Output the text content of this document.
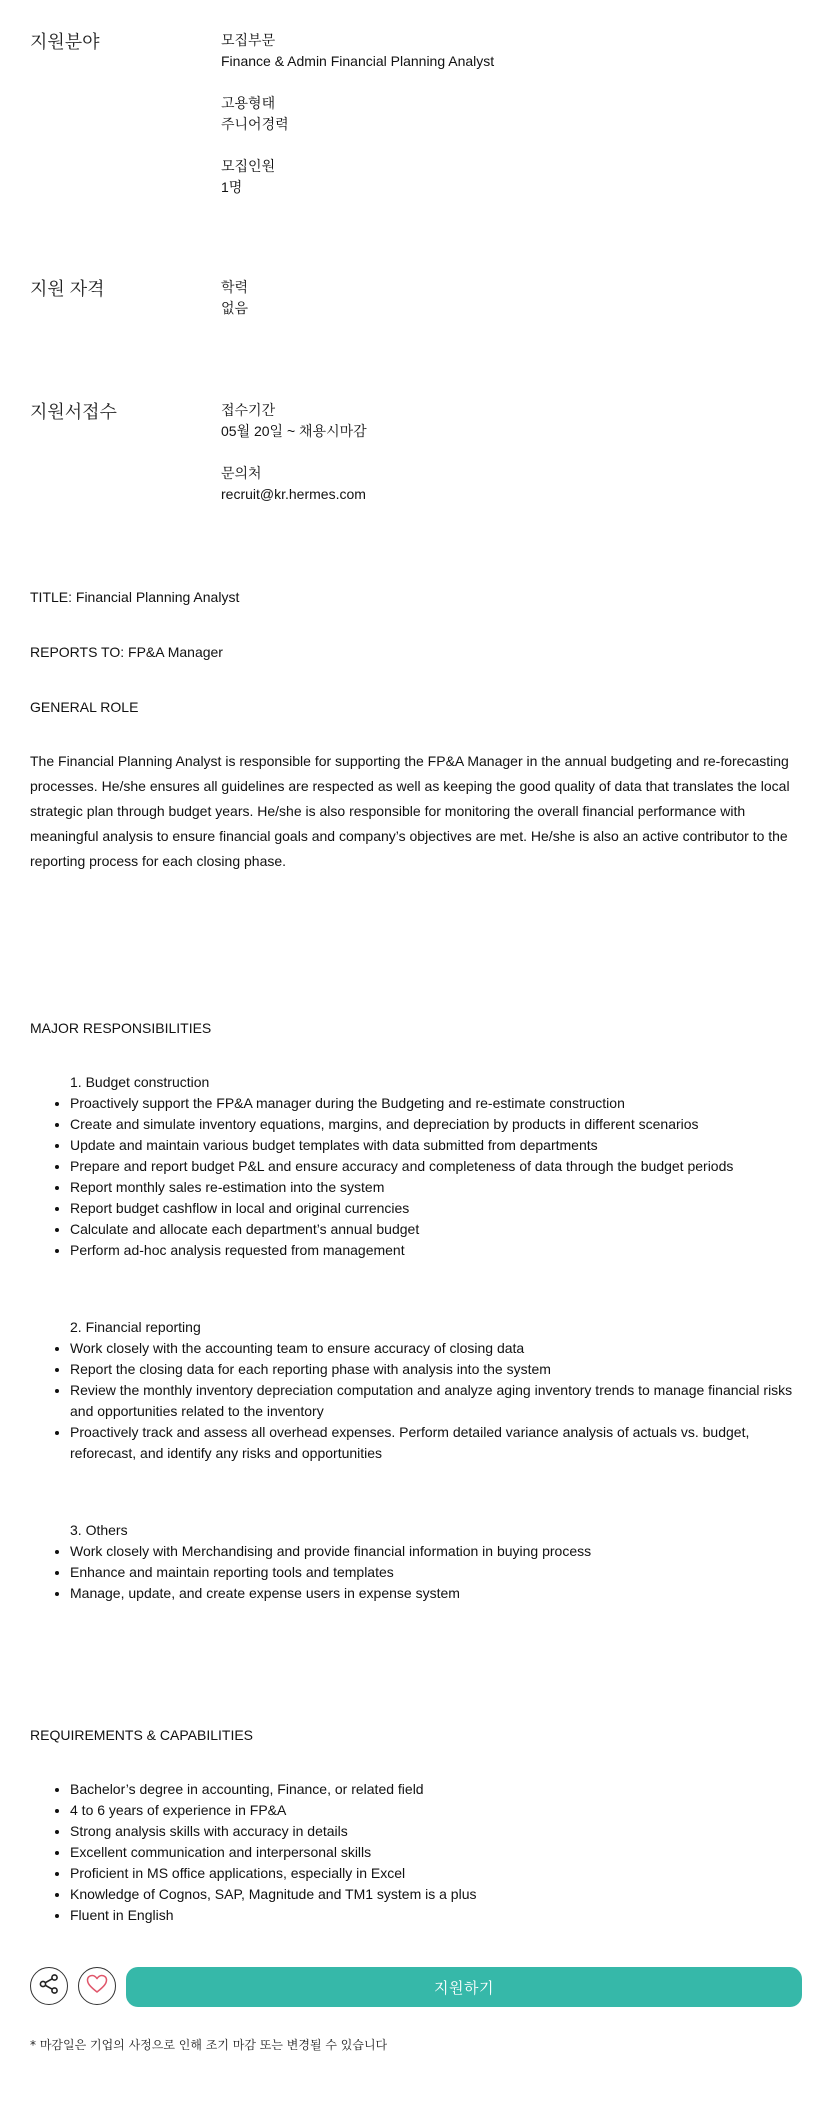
지원분야	모집부문
Finance & Admin Financial Planning Analyst
고용형태
주니어경력
모집인원
1명
지원 자격	학력
없음
지원서접수	접수기간
05월 20일 ~ 채용시마감
문의처
recruit@kr.hermes.com

TITLE: Financial Planning Analyst

REPORTS TO: FP&A Manager

GENERAL ROLE

The Financial Planning Analyst is responsible for supporting the FP&A Manager in the annual budgeting and re-forecasting processes. He/she ensures all guidelines are respected as well as keeping the good quality of data that translates the local strategic plan through budget years. He/she is also responsible for monitoring the overall financial performance with meaningful analysis to ensure financial goals and company’s objectives are met. He/she is also an active contributor to the reporting process for each closing phase.

MAJOR RESPONSIBILITIES

1. Budget construction
• Proactively support the FP&A manager during the Budgeting and re-estimate construction
• Create and simulate inventory equations, margins, and depreciation by products in different scenarios
• Update and maintain various budget templates with data submitted from departments
• Prepare and report budget P&L and ensure accuracy and completeness of data through the budget periods
• Report monthly sales re-estimation into the system
• Report budget cashflow in local and original currencies
• Calculate and allocate each department’s annual budget
• Perform ad-hoc analysis requested from management
2. Financial reporting
• Work closely with the accounting team to ensure accuracy of closing data
• Report the closing data for each reporting phase with analysis into the system
• Review the monthly inventory depreciation computation and analyze aging inventory trends to manage financial risks and opportunities related to the inventory
• Proactively track and assess all overhead expenses. Perform detailed variance analysis of actuals vs. budget, reforecast, and identify any risks and opportunities
3. Others
• Work closely with Merchandising and provide financial information in buying process
• Enhance and maintain reporting tools and templates
• Manage, update, and create expense users in expense system

REQUIREMENTS & CAPABILITIES

• Bachelor’s degree in accounting, Finance, or related field
• 4 to 6 years of experience in FP&A
• Strong analysis skills with accuracy in details
• Excellent communication and interpersonal skills
• Proficient in MS office applications, especially in Excel
• Knowledge of Cognos, SAP, Magnitude and TM1 system is a plus
• Fluent in English
지원하기
* 마감일은 기업의 사정으로 인해 조기 마감 또는 변경될 수 있습니다
